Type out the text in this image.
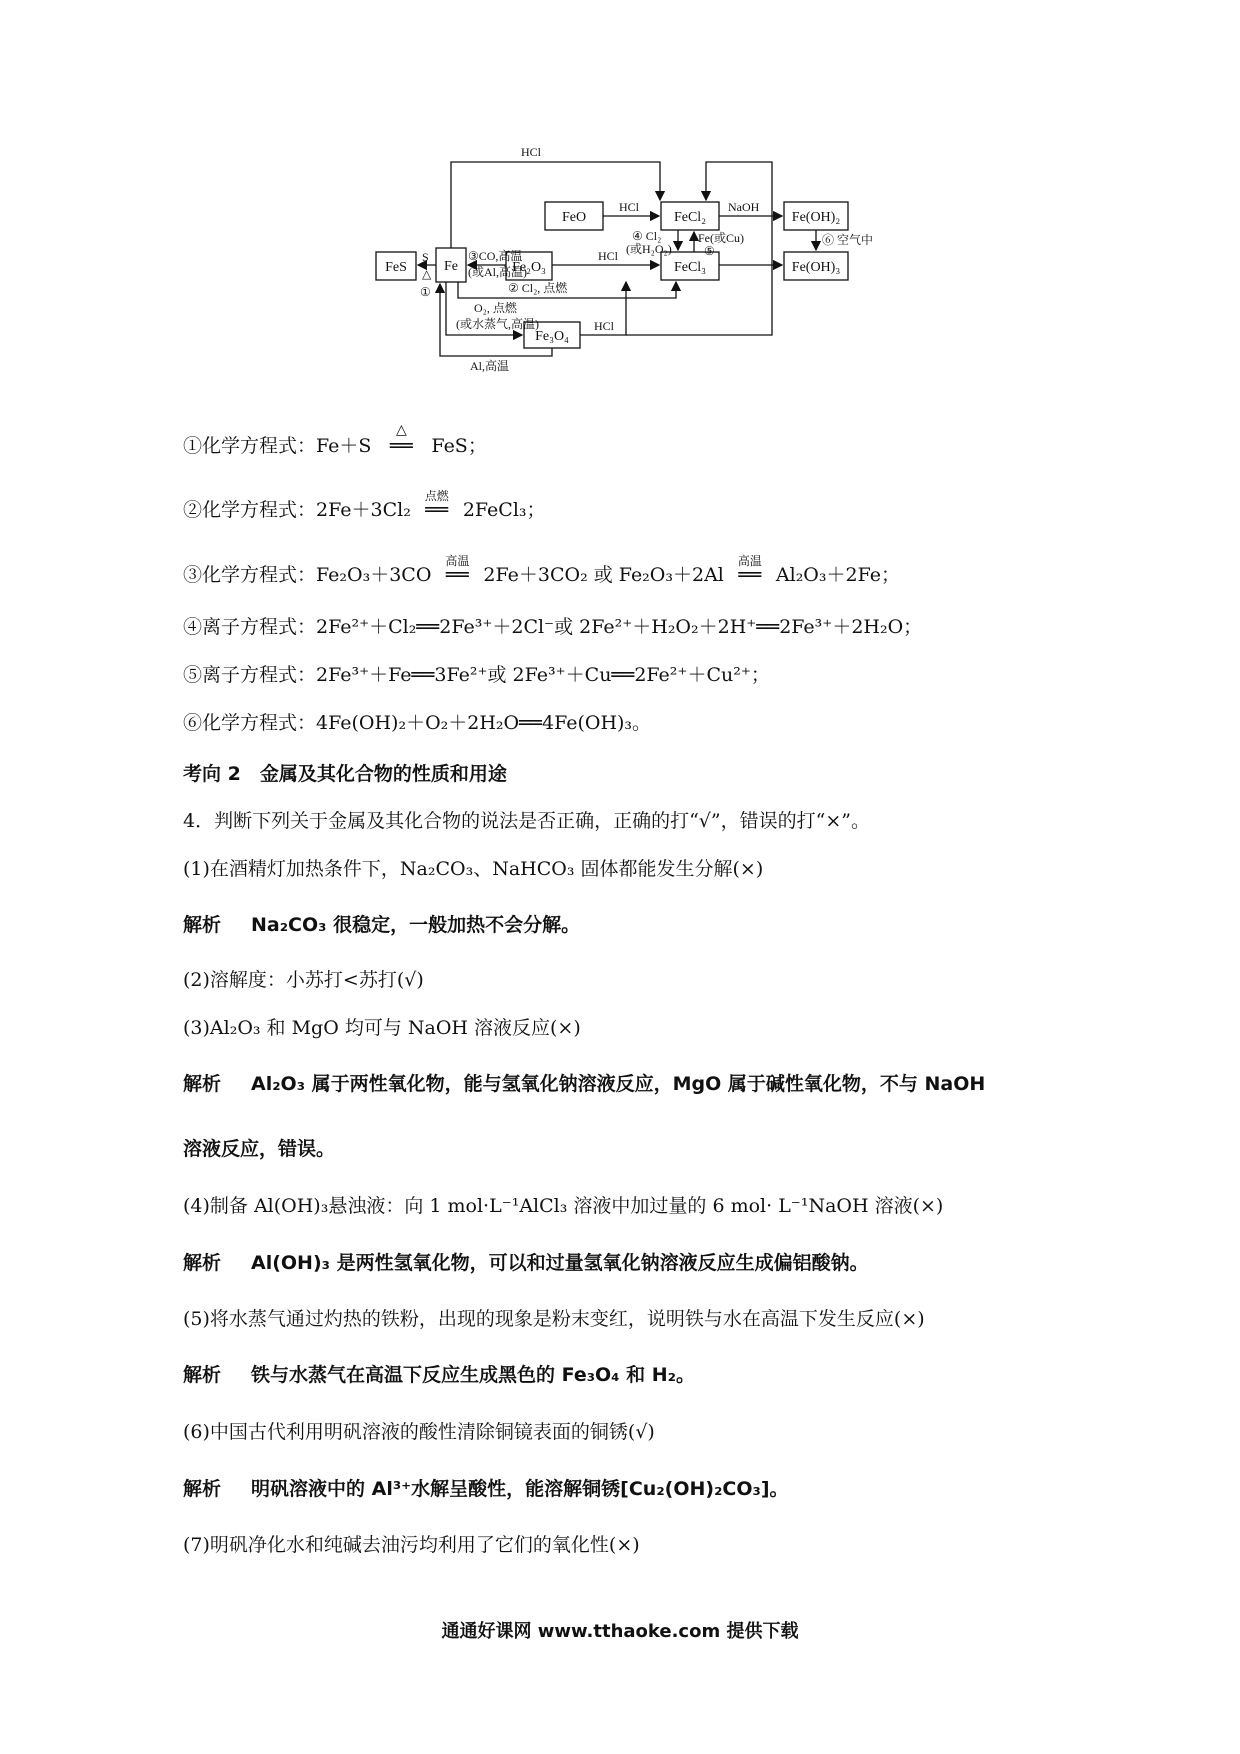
FeO	FeCl₂	Fe(OH)₂
FeS	Fe	Fe₂O₃	FeCl₃	Fe(OH)₃
Fe₃O₄
HCl
HCl	NaOH
④ Cl₂
(或H₂O₂)
Fe(或Cu)
⑤
⑥ 空气中
S
△
①
③CO,高温
(或Al,高温)
HCl
② Cl₂, 点燃
O₂, 点燃
(或水蒸气,高温)	HCl
Al,高温
①化学方程式：Fe＋S
△
══ FeS；
②化学方程式：2Fe＋3Cl₂
点燃
══ 2FeCl₃；
③化学方程式：Fe₂O₃＋3CO
高温
══ 2Fe＋3CO₂ 或 Fe₂O₃＋2Al
高温
══ Al₂O₃＋2Fe；
④离子方程式：2Fe²⁺＋Cl₂══2Fe³⁺＋2Cl⁻或 2Fe²⁺＋H₂O₂＋2H⁺══2Fe³⁺＋2H₂O；
⑤离子方程式：2Fe³⁺＋Fe══3Fe²⁺或 2Fe³⁺＋Cu══2Fe²⁺＋Cu²⁺；
⑥化学方程式：4Fe(OH)₂＋O₂＋2H₂O══4Fe(OH)₃。
考向 2　金属及其化合物的性质和用途
4．判断下列关于金属及其化合物的说法是否正确，正确的打“√”，错误的打“×”。
(1)在酒精灯加热条件下，Na₂CO₃、NaHCO₃ 固体都能发生分解(×)
解析 Na₂CO₃ 很稳定，一般加热不会分解。
(2)溶解度：小苏打<苏打(√)
(3)Al₂O₃ 和 MgO 均可与 NaOH 溶液反应(×)
解析 Al₂O₃ 属于两性氧化物，能与氢氧化钠溶液反应，MgO 属于碱性氧化物，不与 NaOH
溶液反应，错误。
(4)制备 Al(OH)₃悬浊液：向 1 mol·L⁻¹AlCl₃ 溶液中加过量的 6 mol· L⁻¹NaOH 溶液(×)
解析 Al(OH)₃ 是两性氢氧化物，可以和过量氢氧化钠溶液反应生成偏铝酸钠。
(5)将水蒸气通过灼热的铁粉，出现的现象是粉末变红，说明铁与水在高温下发生反应(×)
解析 铁与水蒸气在高温下反应生成黑色的 Fe₃O₄ 和 H₂。
(6)中国古代利用明矾溶液的酸性清除铜镜表面的铜锈(√)
解析 明矾溶液中的 Al³⁺水解呈酸性，能溶解铜锈[Cu₂(OH)₂CO₃]。
(7)明矾净化水和纯碱去油污均利用了它们的氧化性(×)
通通好课网 www.tthaoke.com 提供下载
